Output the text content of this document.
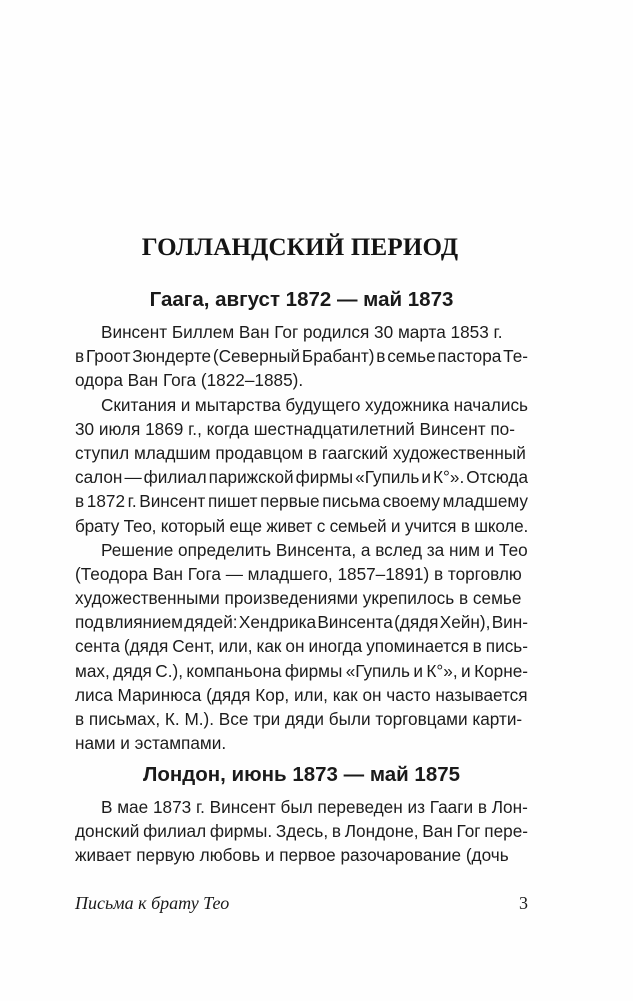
ГОЛЛАНДСКИЙ ПЕРИОД
Гаага, август 1872 — май 1873
Винсент Биллем Ван Гог родился 30 марта 1853 г.
в Гроот Зюндерте (Северный Брабант) в семье пастора Те-
одора Ван Гога (1822–1885).
Скитания и мытарства будущего художника начались
30 июля 1869 г., когда шестнадцатилетний Винсент по-
ступил младшим продавцом в гаагский художественный
салон — филиал парижской фирмы «Гупиль и К°». Отсюда
в 1872 г. Винсент пишет первые письма своему младшему
брату Тео, который еще живет с семьей и учится в школе.
Решение определить Винсента, а вслед за ним и Тео
(Теодора Ван Гога — младшего, 1857–1891) в торговлю
художественными произведениями укрепилось в семье
под влиянием дядей: Хендрика Винсента (дядя Хейн), Вин-
сента (дядя Сент, или, как он иногда упоминается в пись-
мах, дядя С.), компаньона фирмы «Гупиль и К°», и Корне-
лиса Маринюса (дядя Кор, или, как он часто называется
в письмах, К. М.). Все три дяди были торговцами карти-
нами и эстампами.
Лондон, июнь 1873 — май 1875
В мае 1873 г. Винсент был переведен из Гааги в Лон-
донский филиал фирмы. Здесь, в Лондоне, Ван Гог пере-
живает первую любовь и первое разочарование (дочь
Письма к брату Тео	3
